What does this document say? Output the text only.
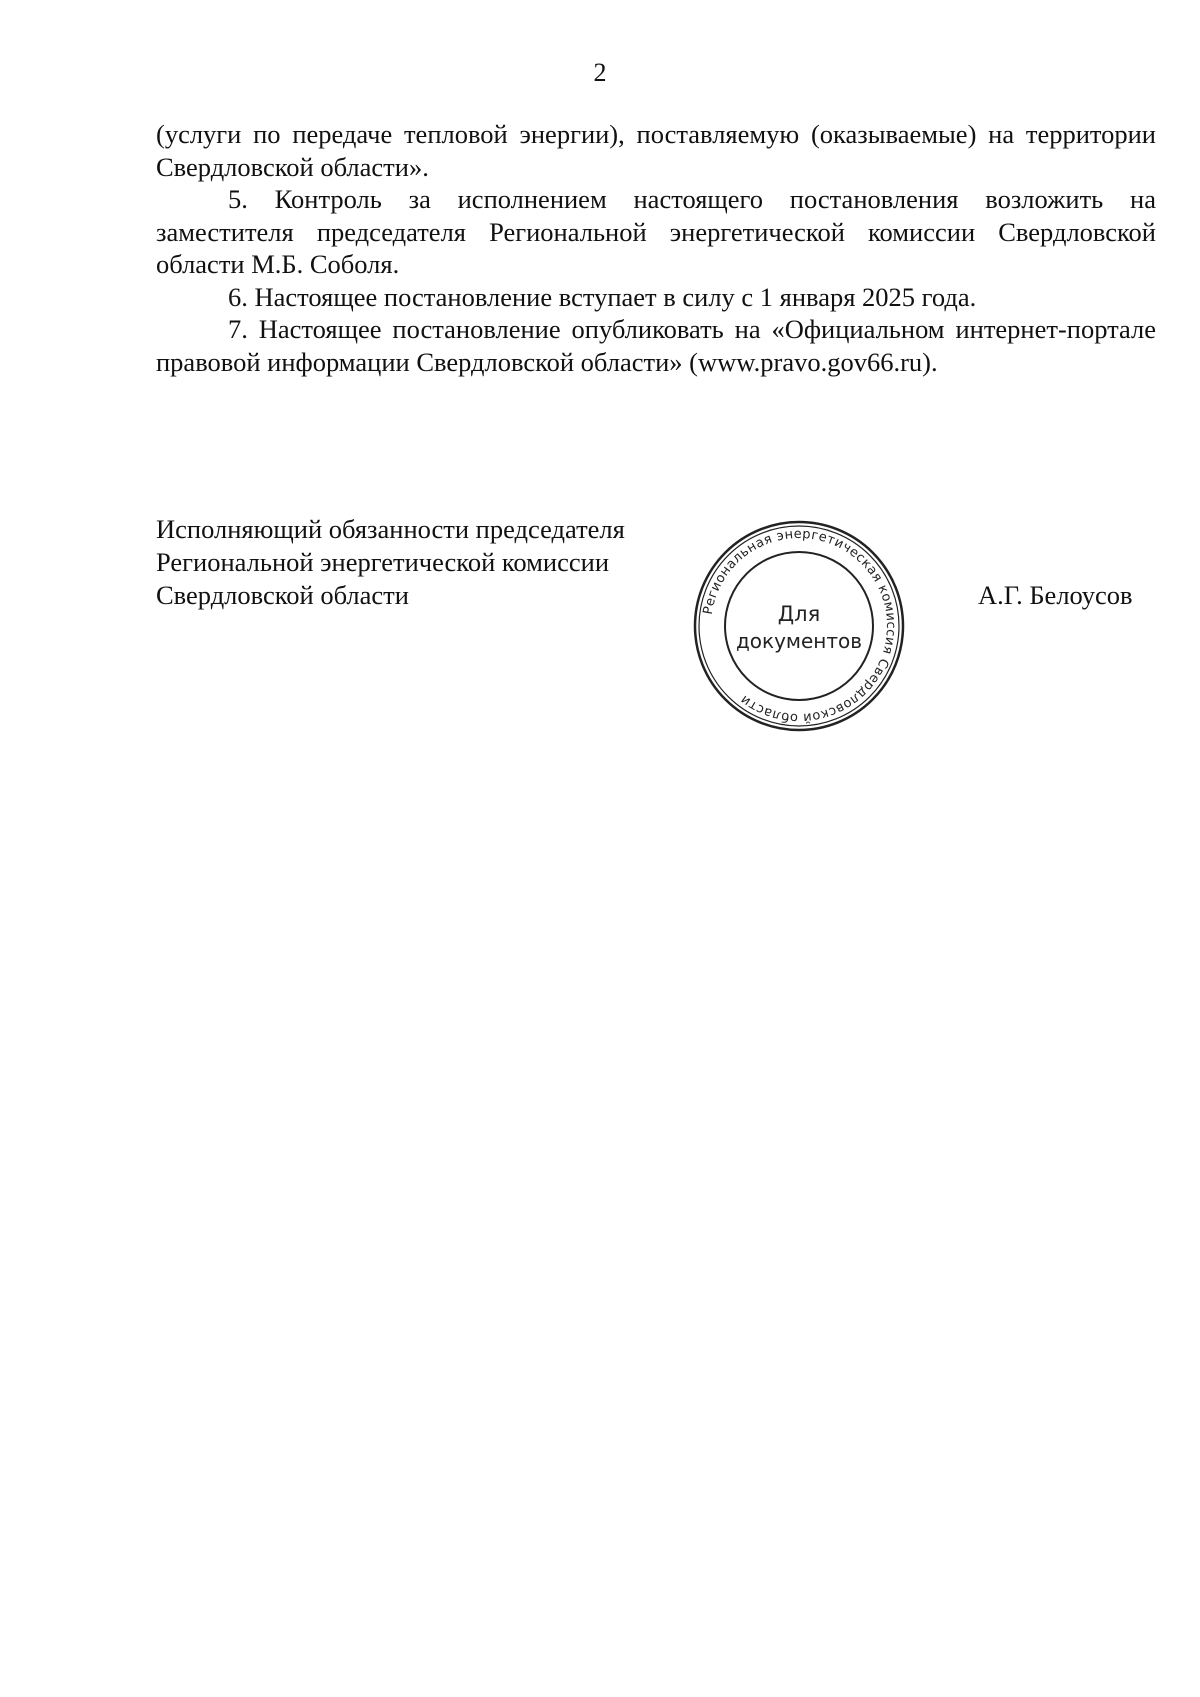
2

(услуги по передаче тепловой энергии), поставляемую (оказываемые) на территории Свердловской области».

5. Контроль за исполнением настоящего постановления возложить на заместителя председателя Региональной энергетической комиссии Свердловской области М.Б. Соболя.

6. Настоящее постановление вступает в силу с 1 января 2025 года.

7. Настоящее постановление опубликовать на «Официальном интернет-портале правовой информации Свердловской области» (www.pravo.gov66.ru).

Исполняющий обязанности председателя
Региональной энергетической комиссии
Свердловской области
Региональная энергетическая комиссия Свердловской области
Для
документов
А.Г. Белоусов
